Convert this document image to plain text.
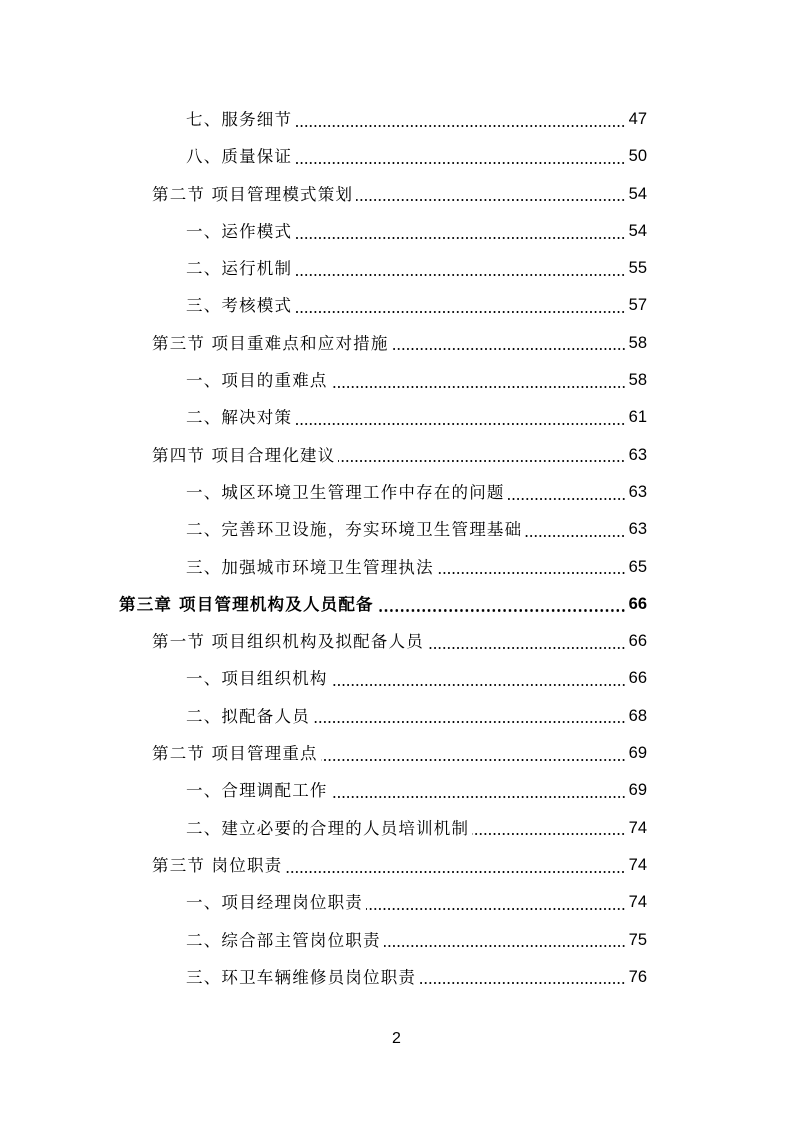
七、服务细节	47
八、质量保证	50
第二节 项目管理模式策划	54
一、运作模式	54
二、运行机制	55
三、考核模式	57
第三节 项目重难点和应对措施	58
一、项目的重难点	58
二、解决对策	61
第四节 项目合理化建议	63
一、城区环境卫生管理工作中存在的问题	63
二、完善环卫设施，夯实环境卫生管理基础	63
三、加强城市环境卫生管理执法	65
第三章 项目管理机构及人员配备	66
第一节 项目组织机构及拟配备人员	66
一、项目组织机构	66
二、拟配备人员	68
第二节 项目管理重点	69
一、合理调配工作	69
二、建立必要的合理的人员培训机制	74
第三节 岗位职责	74
一、项目经理岗位职责	74
二、综合部主管岗位职责	75
三、环卫车辆维修员岗位职责	76
2
